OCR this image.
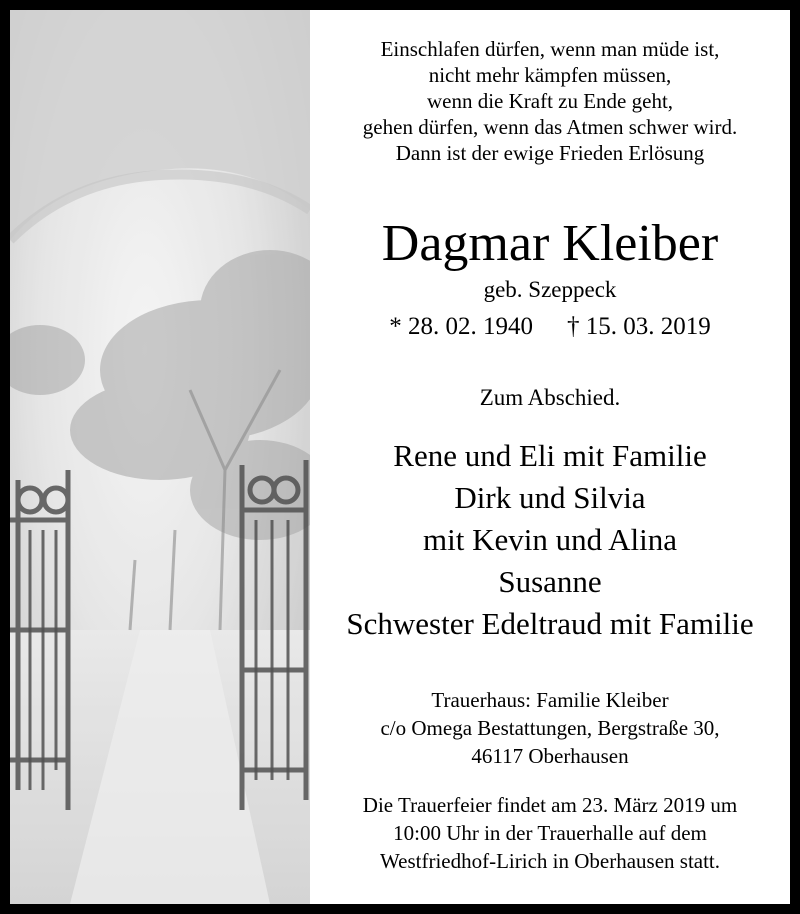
Einschlafen dürfen, wenn man müde ist,
nicht mehr kämpfen müssen,
wenn die Kraft zu Ende geht,
gehen dürfen, wenn das Atmen schwer wird.
Dann ist der ewige Frieden Erlösung
Dagmar Kleiber
geb. Szeppeck
* 28. 02. 1940 † 15. 03. 2019
Zum Abschied.
Rene und Eli mit Familie
Dirk und Silvia
mit Kevin und Alina
Susanne
Schwester Edeltraud mit Familie
Trauerhaus: Familie Kleiber
c/o Omega Bestattungen, Bergstraße 30,
46117 Oberhausen
Die Trauerfeier findet am 23. März 2019 um
10:00 Uhr in der Trauerhalle auf dem
Westfriedhof-Lirich in Oberhausen statt.
